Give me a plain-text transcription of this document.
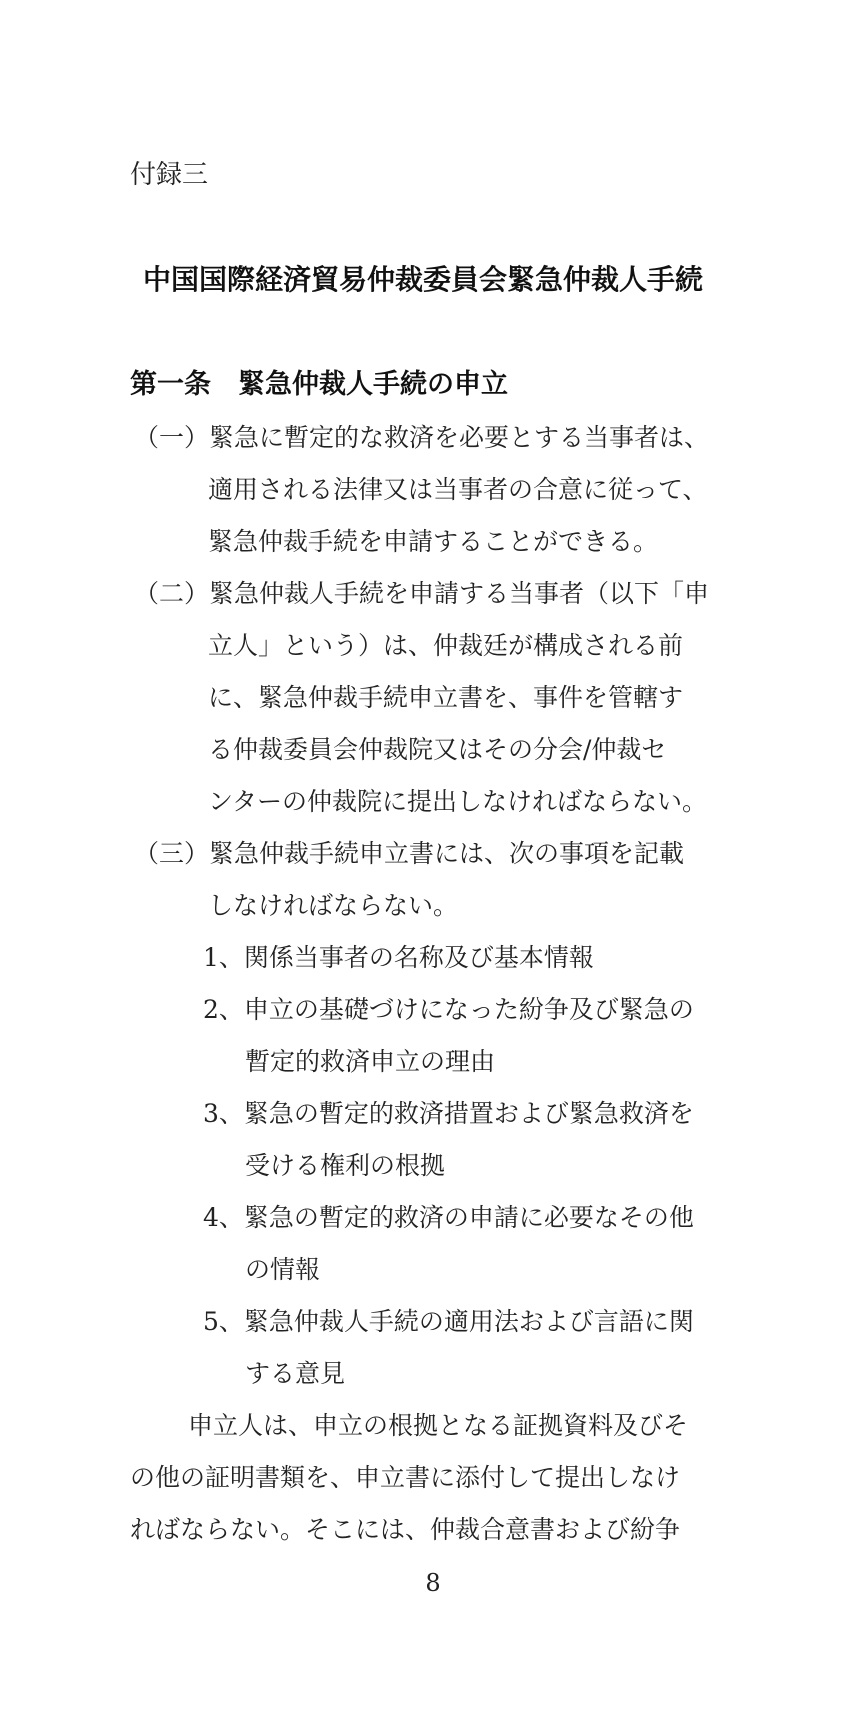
付録三
中国国際経済貿易仲裁委員会緊急仲裁人手続
第一条　緊急仲裁人手続の申立
（一）緊急に暫定的な救済を必要とする当事者は、
適用される法律又は当事者の合意に従って、
緊急仲裁手続を申請することができる。
（二）緊急仲裁人手続を申請する当事者（以下「申
立人」という）は、仲裁廷が構成される前
に、緊急仲裁手続申立書を、事件を管轄す
る仲裁委員会仲裁院又はその分会/仲裁セ
ンターの仲裁院に提出しなければならない。
（三）緊急仲裁手続申立書には、次の事項を記載
しなければならない。
1、関係当事者の名称及び基本情報
2、申立の基礎づけになった紛争及び緊急の
暫定的救済申立の理由
3、緊急の暫定的救済措置および緊急救済を
受ける権利の根拠
4、緊急の暫定的救済の申請に必要なその他
の情報
5、緊急仲裁人手続の適用法および言語に関
する意見
申立人は、申立の根拠となる証拠資料及びそ
の他の証明書類を、申立書に添付して提出しなけ
ればならない。そこには、仲裁合意書および紛争
8
